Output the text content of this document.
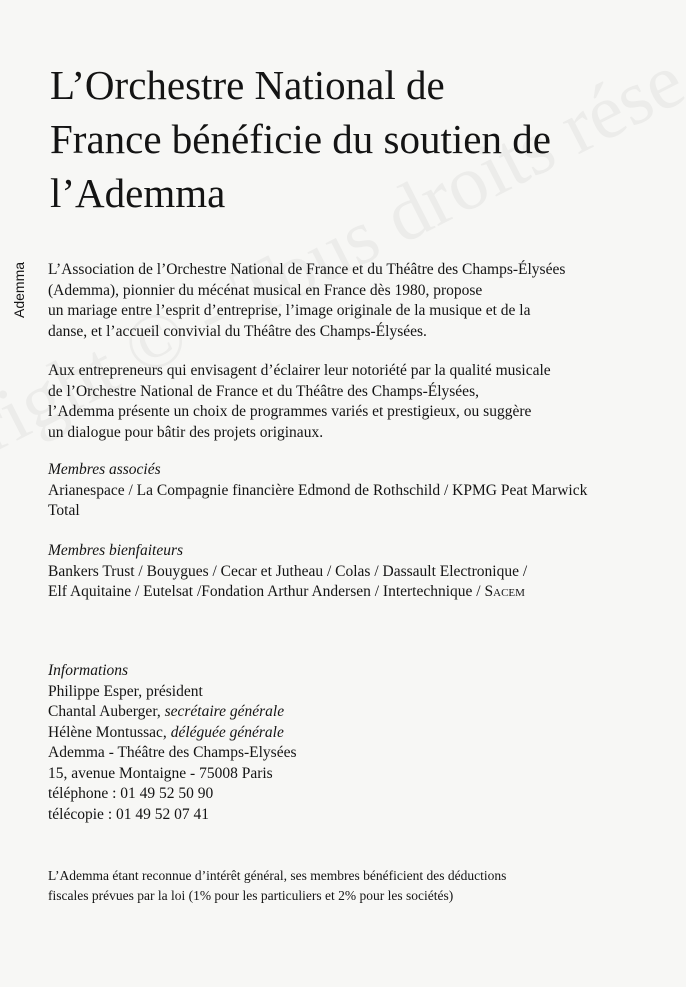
L’Orchestre National de
France bénéficie du soutien de
l’Ademma
Ademma L’Association de l’Orchestre National de France et du Théâtre des Champs-Élysées

(Ademma), pionnier du mécénat musical en France dès 1980, propose

un mariage entre l’esprit d’entreprise, l’image originale de la musique et de la

danse, et l’accueil convivial du Théâtre des Champs-Élysées.

Aux entrepreneurs qui envisagent d’éclairer leur notoriété par la qualité musicale

de l’Orchestre National de France et du Théâtre des Champs-Élysées,

l’Ademma présente un choix de programmes variés et prestigieux, ou suggère

un dialogue pour bâtir des projets originaux.

Membres associés

Arianespace / La Compagnie financière Edmond de Rothschild / KPMG Peat Marwick

Total

Membres bienfaiteurs

Bankers Trust / Bouygues / Cecar et Jutheau / Colas / Dassault Electronique /

Elf Aquitaine / Eutelsat /Fondation Arthur Andersen / Intertechnique / Sacem

Informations

Philippe Esper, président

Chantal Auberger, secrétaire générale

Hélène Montussac, déléguée générale

Ademma - Théâtre des Champs-Elysées

15, avenue Montaigne - 75008 Paris

téléphone : 01 49 52 50 90

télécopie : 01 49 52 07 41

L’Ademma étant reconnue d’intérêt général, ses membres bénéficient des déductions

fiscales prévues par la loi (1% pour les particuliers et 2% pour les sociétés)
